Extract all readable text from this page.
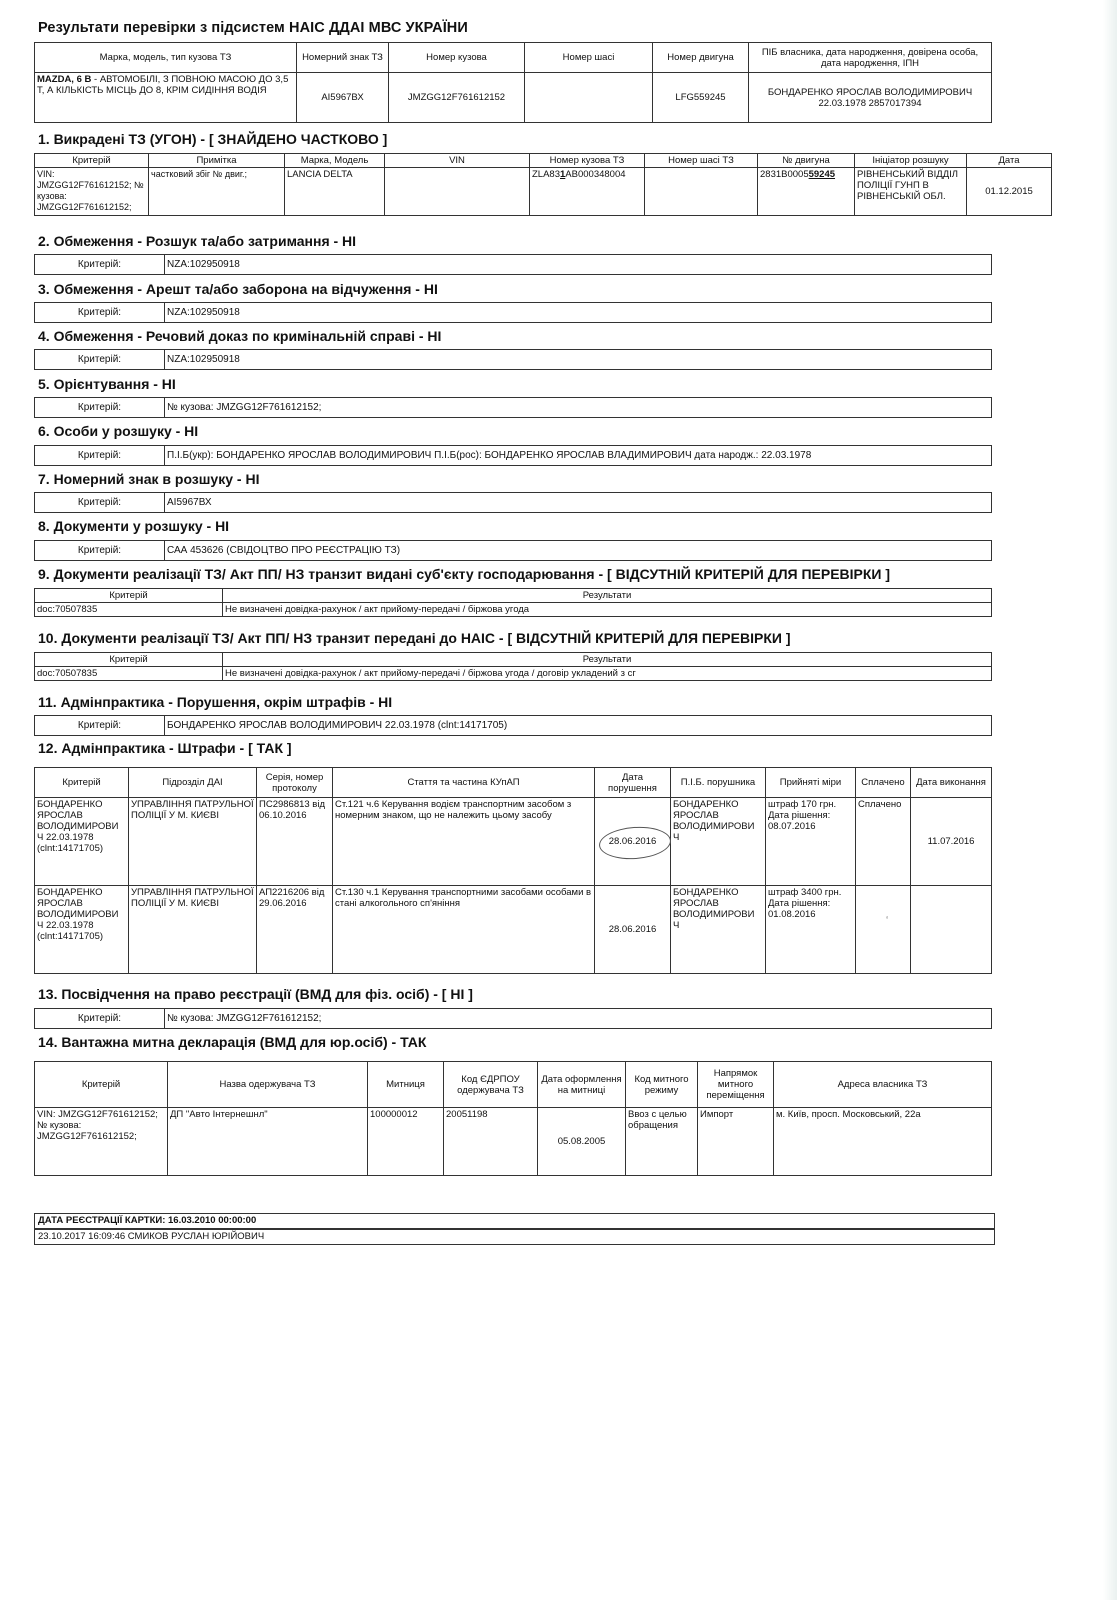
Результати перевірки з підсистем НАІС ДДАІ МВС УКРАЇНИ
Марка, модель, тип кузова ТЗ	Номерний знак ТЗ	Номер кузова	Номер шасі	Номер двигуна	ПІБ власника, дата народження, довірена особа, дата народження, ІПН
MAZDA, 6 В - АВТОМОБІЛІ, З ПОВНОЮ МАСОЮ ДО 3,5 Т, А КІЛЬКІСТЬ МІСЦЬ ДО 8, КРІМ СИДІННЯ ВОДІЯ	АІ5967ВХ	JMZGG12F761612152		LFG559245	БОНДАРЕНКО ЯРОСЛАВ ВОЛОДИМИРОВИЧ
22.03.1978 2857017394
1. Викрадені ТЗ (УГОН) - [ ЗНАЙДЕНО ЧАСТКОВО ]
Критерій	Примітка	Марка, Модель	VIN	Номер кузова ТЗ	Номер шасі ТЗ	№ двигуна	Ініціатор розшуку	Дата
VIN: JMZGG12F761612152; № кузова: JMZGG12F761612152;	частковий збіг № двиг.;	LANCIA DELTA		ZLA831AB000348004		2831B000559245	РІВНЕНСЬКИЙ ВІДДІЛ ПОЛІЦІЇ ГУНП В РІВНЕНСЬКІЙ ОБЛ.	01.12.2015
2. Обмеження - Розшук та/або затримання - НІ
Критерій:	NZA:102950918
3. Обмеження - Арешт та/або заборона на відчуження - НІ
Критерій:	NZA:102950918
4. Обмеження - Речовий доказ по кримінальній справі - НІ
Критерій:	NZA:102950918
5. Орієнтування - НІ
Критерій:	№ кузова: JMZGG12F761612152;
6. Особи у розшуку - НІ
Критерій:	П.І.Б(укр): БОНДАРЕНКО ЯРОСЛАВ ВОЛОДИМИРОВИЧ П.І.Б(рос): БОНДАРЕНКО ЯРОСЛАВ ВЛАДИМИРОВИЧ дата народж.: 22.03.1978
7. Номерний знак в розшуку - НІ
Критерій:	АІ5967ВХ
8. Документи у розшуку - НІ
Критерій:	САА 453626 (СВІДОЦТВО ПРО РЕЄСТРАЦІЮ ТЗ)
9. Документи реалізації ТЗ/ Акт ПП/ НЗ транзит видані суб'єкту господарювання - [ ВІДСУТНІЙ КРИТЕРІЙ ДЛЯ ПЕРЕВІРКИ ]
Критерій	Результати
doc:70507835	Не визначені довідка-рахунок / акт прийому-передачі / біржова угода
10. Документи реалізації ТЗ/ Акт ПП/ НЗ транзит передані до НАІС - [ ВІДСУТНІЙ КРИТЕРІЙ ДЛЯ ПЕРЕВІРКИ ]
Критерій	Результати
doc:70507835	Не визначені довідка-рахунок / акт прийому-передачі / біржова угода / договір укладений з сг
11. Адмінпрактика - Порушення, окрім штрафів - НІ
Критерій:	БОНДАРЕНКО ЯРОСЛАВ ВОЛОДИМИРОВИЧ 22.03.1978 (clnt:14171705)
12. Адмінпрактика - Штрафи - [ ТАК ]
Критерій	Підрозділ ДАІ	Серія, номер протоколу	Стаття та частина КУпАП	Дата порушення	П.І.Б. порушника	Прийняті міри	Сплачено	Дата виконання
БОНДАРЕНКО ЯРОСЛАВ ВОЛОДИМИРОВИ Ч 22.03.1978 (clnt:14171705)	УПРАВЛІННЯ ПАТРУЛЬНОЇ ПОЛІЦІЇ У М. КИЄВІ	ПС2986813 від 06.10.2016	Ст.121 ч.6 Керування водієм транспортним засобом з номерним знаком, що не належить цьому засобу	28.06.2016	БОНДАРЕНКО ЯРОСЛАВ ВОЛОДИМИРОВИ Ч	штраф 170 грн. Дата рішення: 08.07.2016	Сплачено	11.07.2016
БОНДАРЕНКО ЯРОСЛАВ ВОЛОДИМИРОВИ Ч 22.03.1978 (clnt:14171705)	УПРАВЛІННЯ ПАТРУЛЬНОЇ ПОЛІЦІЇ У М. КИЄВІ	АП2216206 від 29.06.2016	Ст.130 ч.1 Керування транспортними засобами особами в стані алкогольного сп'яніння	28.06.2016	БОНДАРЕНКО ЯРОСЛАВ ВОЛОДИМИРОВИ Ч	штраф 3400 грн. Дата рішення: 01.08.2016		
‘
13. Посвідчення на право реєстрації (ВМД для фіз. осіб) - [ НІ ]
Критерій:	№ кузова: JMZGG12F761612152;
14. Вантажна митна декларація (ВМД для юр.осіб) - ТАК
Критерій	Назва одержувача ТЗ	Митниця	Код ЄДРПОУ одержувача ТЗ	Дата оформлення на митниці	Код митного режиму	Напрямок митного переміщення	Адреса власника ТЗ
VIN: JMZGG12F761612152; № кузова: JMZGG12F761612152;	ДП "Авто Інтернешнл"	100000012	20051198	05.08.2005	Ввоз с целью обращения	Импорт	м. Київ, просп. Московський, 22а
ДАТА РЕЄСТРАЦІЇ КАРТКИ: 16.03.2010 00:00:00
23.10.2017 16:09:46 СМИКОВ РУСЛАН ЮРІЙОВИЧ
